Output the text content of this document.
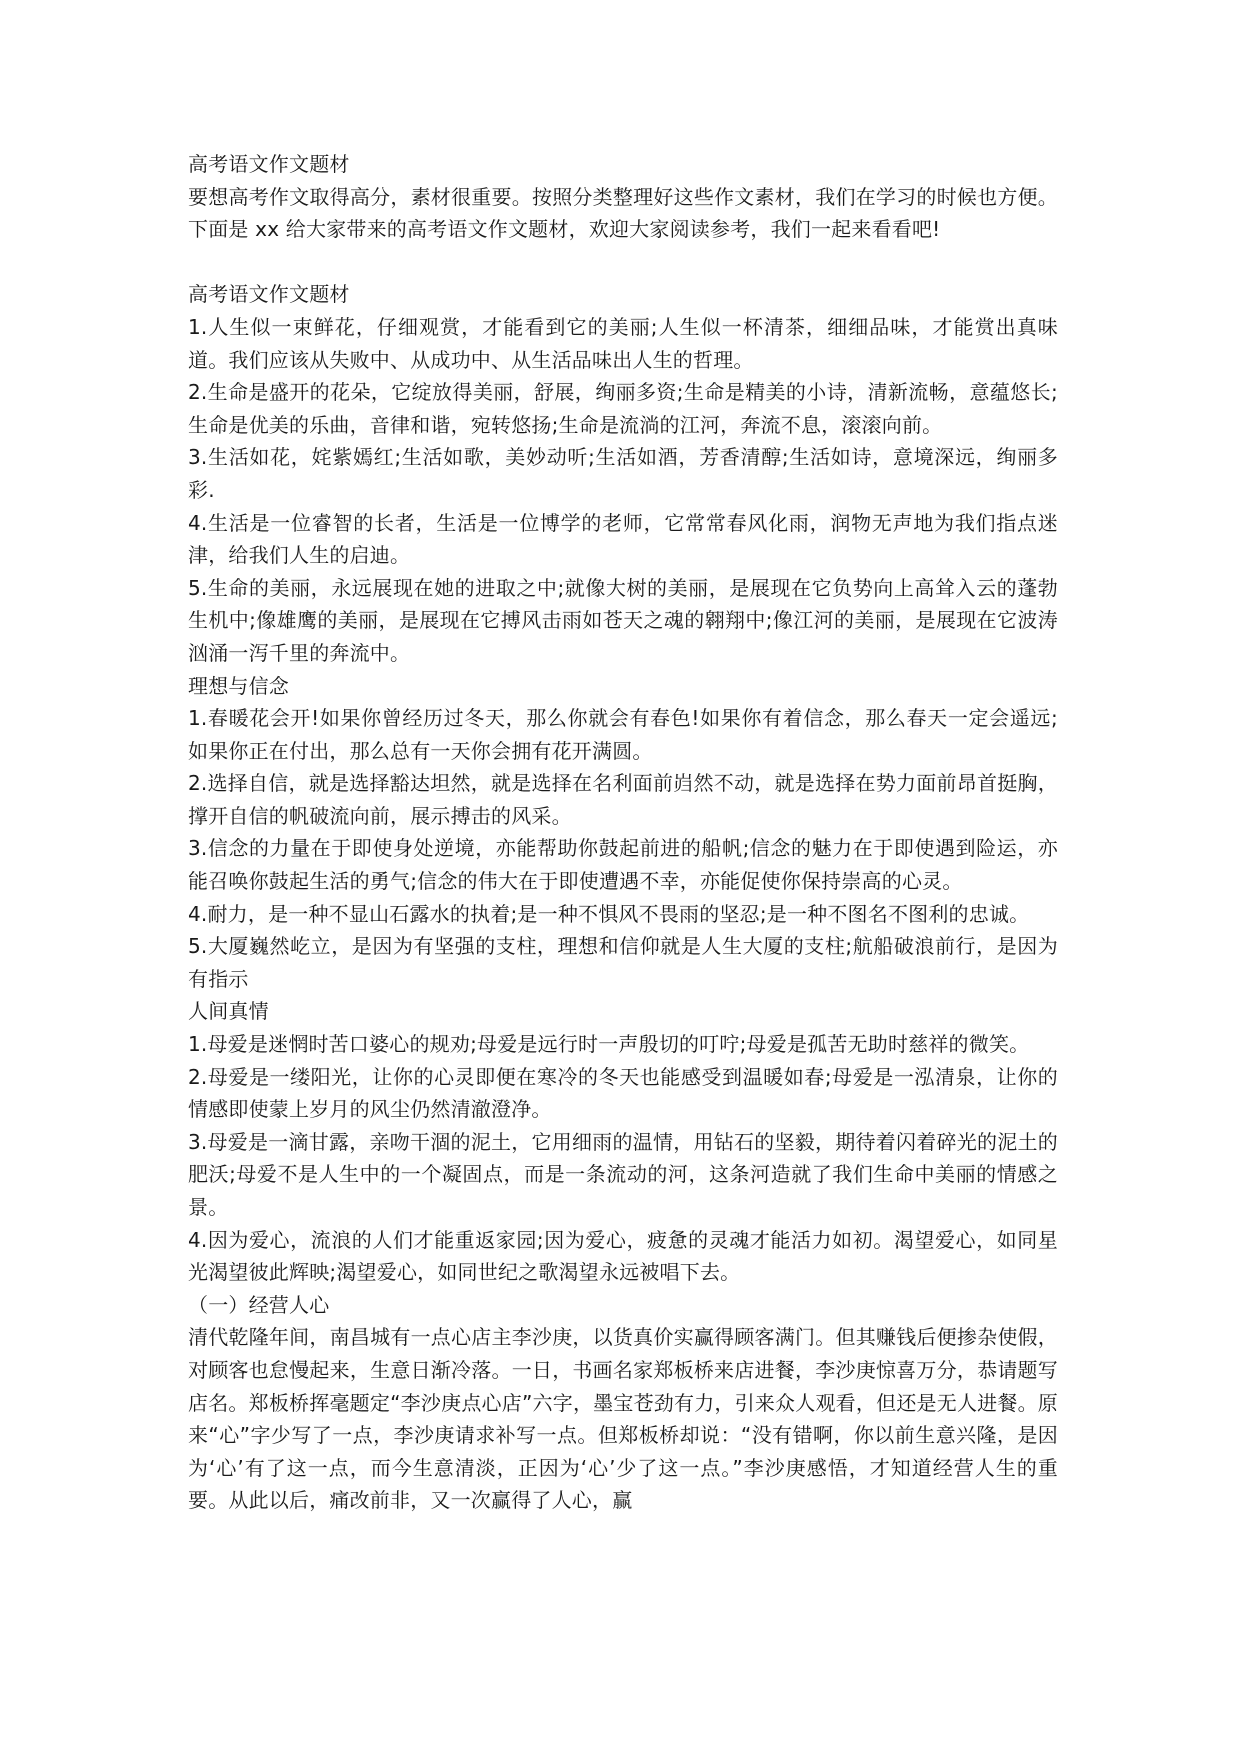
高考语文作文题材

要想高考作文取得高分，素材很重要。按照分类整理好这些作文素材，我们在学习的时候也方便。下面是 xx 给大家带来的高考语文作文题材，欢迎大家阅读参考，我们一起来看看吧!

高考语文作文题材

1.人生似一束鲜花，仔细观赏，才能看到它的美丽;人生似一杯清茶，细细品味，才能赏出真味道。我们应该从失败中、从成功中、从生活品味出人生的哲理。

2.生命是盛开的花朵，它绽放得美丽，舒展，绚丽多资;生命是精美的小诗，清新流畅，意蕴悠长;生命是优美的乐曲，音律和谐，宛转悠扬;生命是流淌的江河，奔流不息，滚滚向前。

3.生活如花，姹紫嫣红;生活如歌，美妙动听;生活如酒，芳香清醇;生活如诗，意境深远，绚丽多彩.

4.生活是一位睿智的长者，生活是一位博学的老师，它常常春风化雨，润物无声地为我们指点迷津，给我们人生的启迪。

5.生命的美丽，永远展现在她的进取之中;就像大树的美丽，是展现在它负势向上高耸入云的蓬勃生机中;像雄鹰的美丽，是展现在它搏风击雨如苍天之魂的翱翔中;像江河的美丽，是展现在它波涛汹涌一泻千里的奔流中。

理想与信念

1.春暖花会开!如果你曾经历过冬天，那么你就会有春色!如果你有着信念，那么春天一定会遥远;如果你正在付出，那么总有一天你会拥有花开满圆。

2.选择自信，就是选择豁达坦然，就是选择在名利面前岿然不动，就是选择在势力面前昂首挺胸，撑开自信的帆破流向前，展示搏击的风采。

3.信念的力量在于即使身处逆境，亦能帮助你鼓起前进的船帆;信念的魅力在于即使遇到险运，亦能召唤你鼓起生活的勇气;信念的伟大在于即使遭遇不幸，亦能促使你保持崇高的心灵。

4.耐力，是一种不显山石露水的执着;是一种不惧风不畏雨的坚忍;是一种不图名不图利的忠诚。

5.大厦巍然屹立，是因为有坚强的支柱，理想和信仰就是人生大厦的支柱;航船破浪前行，是因为有指示

人间真情

1.母爱是迷惘时苦口婆心的规劝;母爱是远行时一声殷切的叮咛;母爱是孤苦无助时慈祥的微笑。

2.母爱是一缕阳光，让你的心灵即便在寒冷的冬天也能感受到温暖如春;母爱是一泓清泉，让你的情感即使蒙上岁月的风尘仍然清澈澄净。

3.母爱是一滴甘露，亲吻干涸的泥土，它用细雨的温情，用钻石的坚毅，期待着闪着碎光的泥土的肥沃;母爱不是人生中的一个凝固点，而是一条流动的河，这条河造就了我们生命中美丽的情感之景。

4.因为爱心，流浪的人们才能重返家园;因为爱心，疲惫的灵魂才能活力如初。渴望爱心，如同星光渴望彼此辉映;渴望爱心，如同世纪之歌渴望永远被唱下去。

（一）经营人心

清代乾隆年间，南昌城有一点心店主李沙庚，以货真价实赢得顾客满门。但其赚钱后便掺杂使假，对顾客也怠慢起来，生意日渐冷落。一日，书画名家郑板桥来店进餐，李沙庚惊喜万分，恭请题写店名。郑板桥挥毫题定“李沙庚点心店”六字，墨宝苍劲有力，引来众人观看，但还是无人进餐。原来“心”字少写了一点，李沙庚请求补写一点。但郑板桥却说：“没有错啊，你以前生意兴隆，是因为‘心’有了这一点，而今生意清淡，正因为‘心’少了这一点。”李沙庚感悟，才知道经营人生的重要。从此以后，痛改前非，又一次赢得了人心，赢
